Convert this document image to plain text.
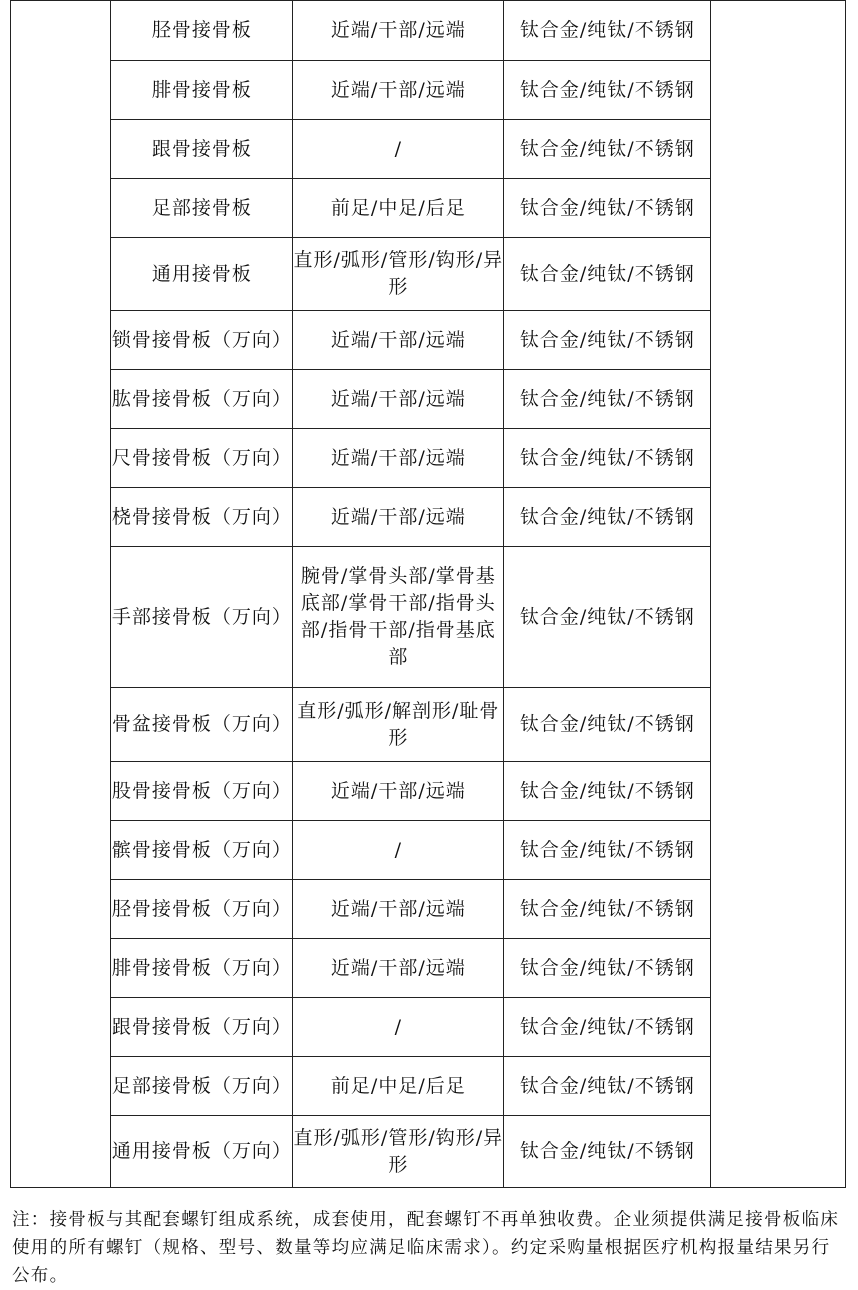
	胫骨接骨板	近端/干部/远端	钛合金/纯钛/不锈钢	
	腓骨接骨板	近端/干部/远端	钛合金/纯钛/不锈钢	
	跟骨接骨板	/	钛合金/纯钛/不锈钢	
	足部接骨板	前足/中足/后足	钛合金/纯钛/不锈钢	
	通用接骨板	直形/弧形/管形/钩形/异形	钛合金/纯钛/不锈钢	
	锁骨接骨板（万向）	近端/干部/远端	钛合金/纯钛/不锈钢	
	肱骨接骨板（万向）	近端/干部/远端	钛合金/纯钛/不锈钢	
	尺骨接骨板（万向）	近端/干部/远端	钛合金/纯钛/不锈钢	
	桡骨接骨板（万向）	近端/干部/远端	钛合金/纯钛/不锈钢	
	手部接骨板（万向）	腕骨/掌骨头部/掌骨基底部/掌骨干部/指骨头部/指骨干部/指骨基底部	钛合金/纯钛/不锈钢	
	骨盆接骨板（万向）	直形/弧形/解剖形/耻骨形	钛合金/纯钛/不锈钢	
	股骨接骨板（万向）	近端/干部/远端	钛合金/纯钛/不锈钢	
	髌骨接骨板（万向）	/	钛合金/纯钛/不锈钢	
	胫骨接骨板（万向）	近端/干部/远端	钛合金/纯钛/不锈钢	
	腓骨接骨板（万向）	近端/干部/远端	钛合金/纯钛/不锈钢	
	跟骨接骨板（万向）	/	钛合金/纯钛/不锈钢	
	足部接骨板（万向）	前足/中足/后足	钛合金/纯钛/不锈钢	
	通用接骨板（万向）	直形/弧形/管形/钩形/异形	钛合金/纯钛/不锈钢	

注：接骨板与其配套螺钉组成系统，成套使用，配套螺钉不再单独收费。企业须提供满足接骨板临床使用的所有螺钉（规格、型号、数量等均应满足临床需求）。约定采购量根据医疗机构报量结果另行公布。
